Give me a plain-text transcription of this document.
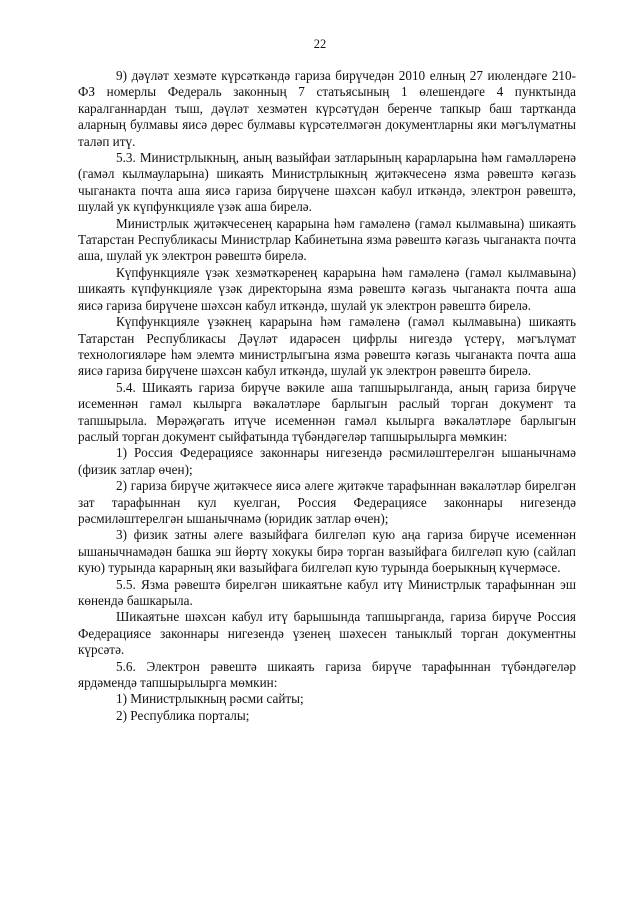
22

9) дәүләт хезмәте күрсәткәндә гариза бирүчедән 2010 елның 27 июлендәге 210-ФЗ номерлы Федераль законның 7 статьясының 1 өлешендәге 4 пунктында каралганнардан тыш, дәүләт хезмәтен күрсәтүдән беренче тапкыр баш тартканда аларның булмавы яисә дөрес булмавы күрсәтелмәгән документларны яки мәгълүматны таләп итү.

5.3. Министрлыкның, аның вазыйфаи затларының карарларына һәм гамәлләренә (гамәл кылмауларына) шикаять Министрлыкның җитәкчесенә язма рәвештә кәгазь чыганакта почта аша яисә гариза бирүчене шәхсән кабул иткәндә, электрон рәвештә, шулай ук күпфункцияле үзәк аша бирелә.

Министрлык җитәкчесенең карарына һәм гамәленә (гамәл кылмавына) шикаять Татарстан Республикасы Министрлар Кабинетына язма рәвештә кәгазь чыганакта почта аша, шулай ук электрон рәвештә бирелә.

Күпфункцияле үзәк хезмәткәренең карарына һәм гамәленә (гамәл кылмавына) шикаять күпфункцияле үзәк директорына язма рәвештә кәгазь чыганакта почта аша яисә гариза бирүчене шәхсән кабул иткәндә, шулай ук электрон рәвештә бирелә.

Күпфункцияле үзәкнең карарына һәм гамәленә (гамәл кылмавына) шикаять Татарстан Республикасы Дәүләт идарәсен цифрлы нигездә үстерү, мәгълүмат технологияләре һәм элемтә министрлыгына язма рәвештә кәгазь чыганакта почта аша яисә гариза бирүчене шәхсән кабул иткәндә, шулай ук электрон рәвештә бирелә.

5.4. Шикаять гариза бирүче вәкиле аша тапшырылганда, аның гариза бирүче исеменнән гамәл кылырга вәкаләтләре барлыгын раслый торган документ та тапшырыла. Мөрәҗәгать итүче исеменнән гамәл кылырга вәкаләтләре барлыгын раслый торган документ сыйфатында түбәндәгеләр тапшырылырга мөмкин:

1) Россия Федерациясе законнары нигезендә рәсмиләштерелгән ышанычнамә (физик затлар өчен);

2) гариза бирүче җитәкчесе яисә әлеге җитәкче тарафыннан вәкаләтләр бирелгән зат тарафыннан кул куелган, Россия Федерациясе законнары нигезендә рәсмиләштерелгән ышанычнамә (юридик затлар өчен);

3) физик затны әлеге вазыйфага билгеләп кую аңа гариза бирүче исеменнән ышанычнамәдән башка эш йөртү хокукы бирә торган вазыйфага билгеләп кую (сайлап кую) турында карарның яки вазыйфага билгеләп кую турында боерыкның күчермәсе.

5.5. Язма рәвештә бирелгән шикаятьне кабул итү Министрлык тарафыннан эш көнендә башкарыла.

Шикаятьне шәхсән кабул итү барышында тапшырганда, гариза бирүче Россия Федерациясе законнары нигезендә үзенең шәхесен таныклый торган документны күрсәтә.

5.6. Электрон рәвештә шикаять гариза бирүче тарафыннан түбәндәгеләр ярдәмендә тапшырылырга мөмкин:

1) Министрлыкның рәсми сайты;

2) Республика порталы;
